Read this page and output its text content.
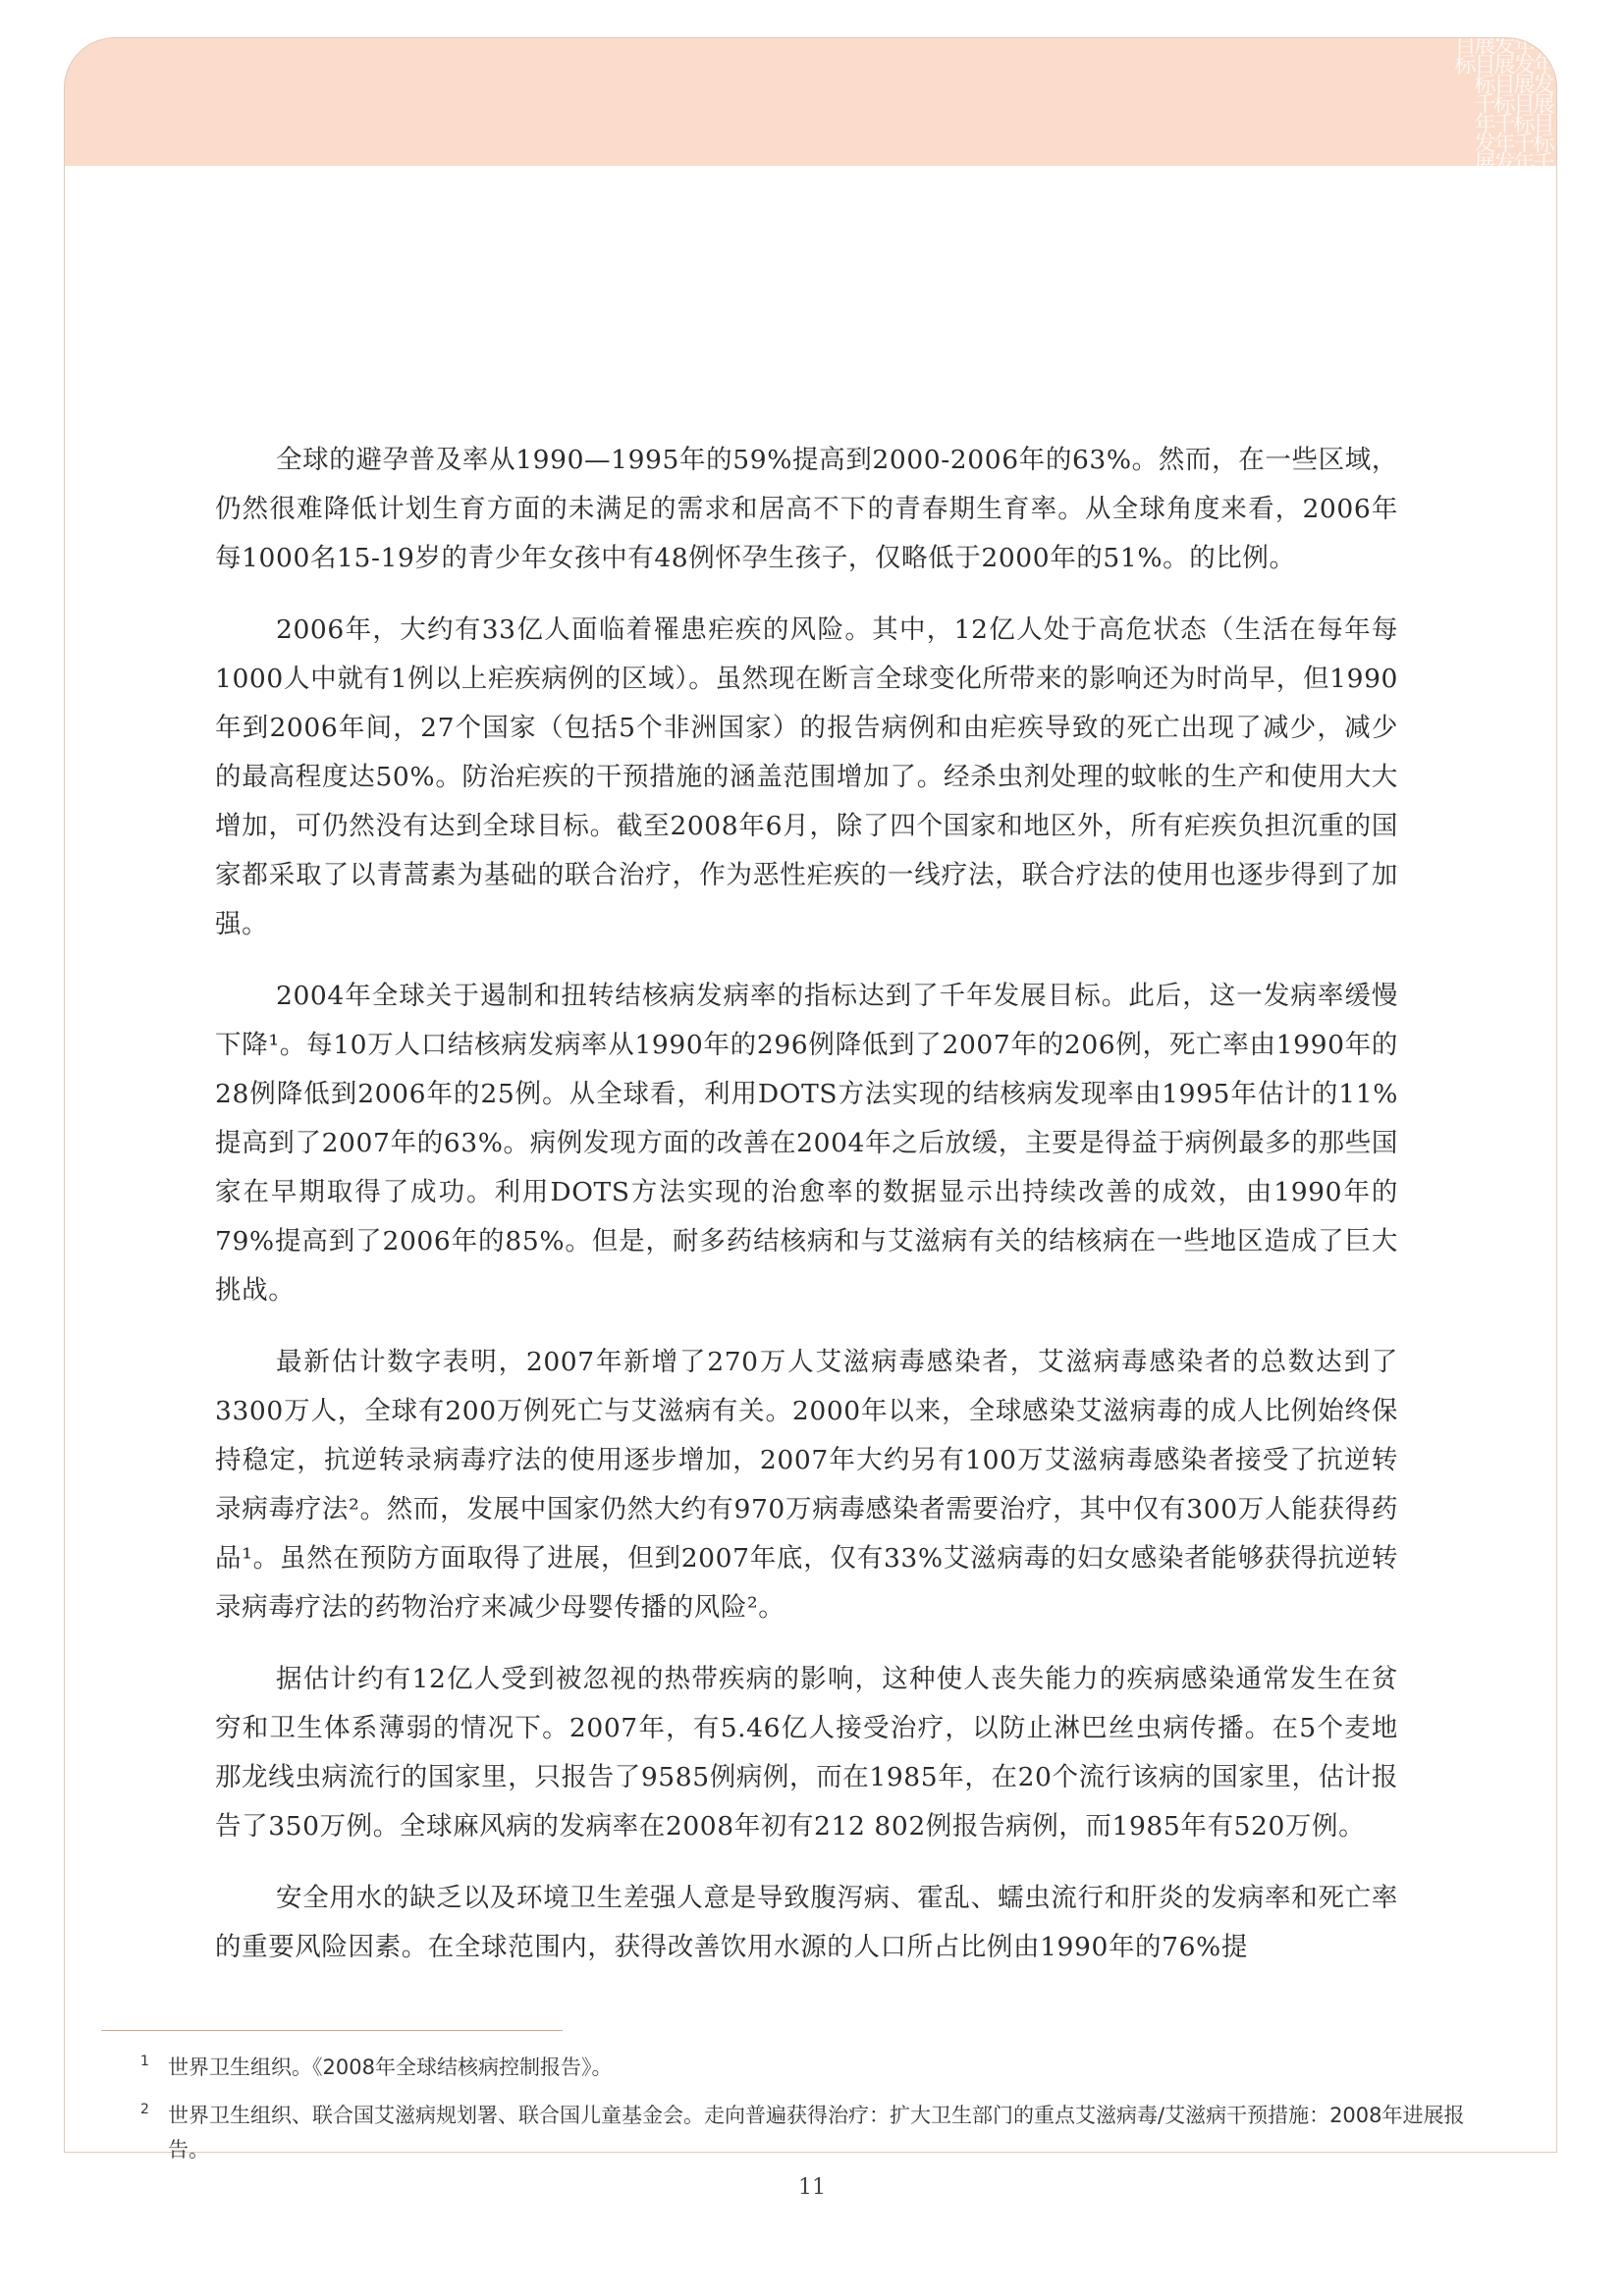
千年发展目标千年发展目标千年发展目标千年发展目标千年发展目标

全球的避孕普及率从1990—1995年的59%提高到2000-2006年的63%。然而，在一些区域，仍然很难降低计划生育方面的未满足的需求和居高不下的青春期生育率。从全球角度来看，2006年每1000名15-19岁的青少年女孩中有48例怀孕生孩子，仅略低于2000年的51%。的比例。

2006年，大约有33亿人面临着罹患疟疾的风险。其中，12亿人处于高危状态（生活在每年每1000人中就有1例以上疟疾病例的区域）。虽然现在断言全球变化所带来的影响还为时尚早，但1990年到2006年间，27个国家（包括5个非洲国家）的报告病例和由疟疾导致的死亡出现了减少，减少的最高程度达50%。防治疟疾的干预措施的涵盖范围增加了。经杀虫剂处理的蚊帐的生产和使用大大增加，可仍然没有达到全球目标。截至2008年6月，除了四个国家和地区外，所有疟疾负担沉重的国家都采取了以青蒿素为基础的联合治疗，作为恶性疟疾的一线疗法，联合疗法的使用也逐步得到了加强。

2004年全球关于遏制和扭转结核病发病率的指标达到了千年发展目标。此后，这一发病率缓慢下降¹。每10万人口结核病发病率从1990年的296例降低到了2007年的206例，死亡率由1990年的28例降低到2006年的25例。从全球看，利用DOTS方法实现的结核病发现率由1995年估计的11%提高到了2007年的63%。病例发现方面的改善在2004年之后放缓，主要是得益于病例最多的那些国家在早期取得了成功。利用DOTS方法实现的治愈率的数据显示出持续改善的成效，由1990年的79%提高到了2006年的85%。但是，耐多药结核病和与艾滋病有关的结核病在一些地区造成了巨大挑战。

最新估计数字表明，2007年新增了270万人艾滋病毒感染者，艾滋病毒感染者的总数达到了3300万人，全球有200万例死亡与艾滋病有关。2000年以来，全球感染艾滋病毒的成人比例始终保持稳定，抗逆转录病毒疗法的使用逐步增加，2007年大约另有100万艾滋病毒感染者接受了抗逆转录病毒疗法²。然而，发展中国家仍然大约有970万病毒感染者需要治疗，其中仅有300万人能获得药品¹。虽然在预防方面取得了进展，但到2007年底，仅有33%艾滋病毒的妇女感染者能够获得抗逆转录病毒疗法的药物治疗来减少母婴传播的风险²。

据估计约有12亿人受到被忽视的热带疾病的影响，这种使人丧失能力的疾病感染通常发生在贫穷和卫生体系薄弱的情况下。2007年，有5.46亿人接受治疗，以防止淋巴丝虫病传播。在5个麦地那龙线虫病流行的国家里，只报告了9585例病例，而在1985年，在20个流行该病的国家里，估计报告了350万例。全球麻风病的发病率在2008年初有212 802例报告病例，而1985年有520万例。

安全用水的缺乏以及环境卫生差强人意是导致腹泻病、霍乱、蠕虫流行和肝炎的发病率和死亡率的重要风险因素。在全球范围内，获得改善饮用水源的人口所占比例由1990年的76%提

1 世界卫生组织。《2008年全球结核病控制报告》。
2 世界卫生组织、联合国艾滋病规划署、联合国儿童基金会。走向普遍获得治疗：扩大卫生部门的重点艾滋病毒/艾滋病干预措施：2008年进展报告。
11
